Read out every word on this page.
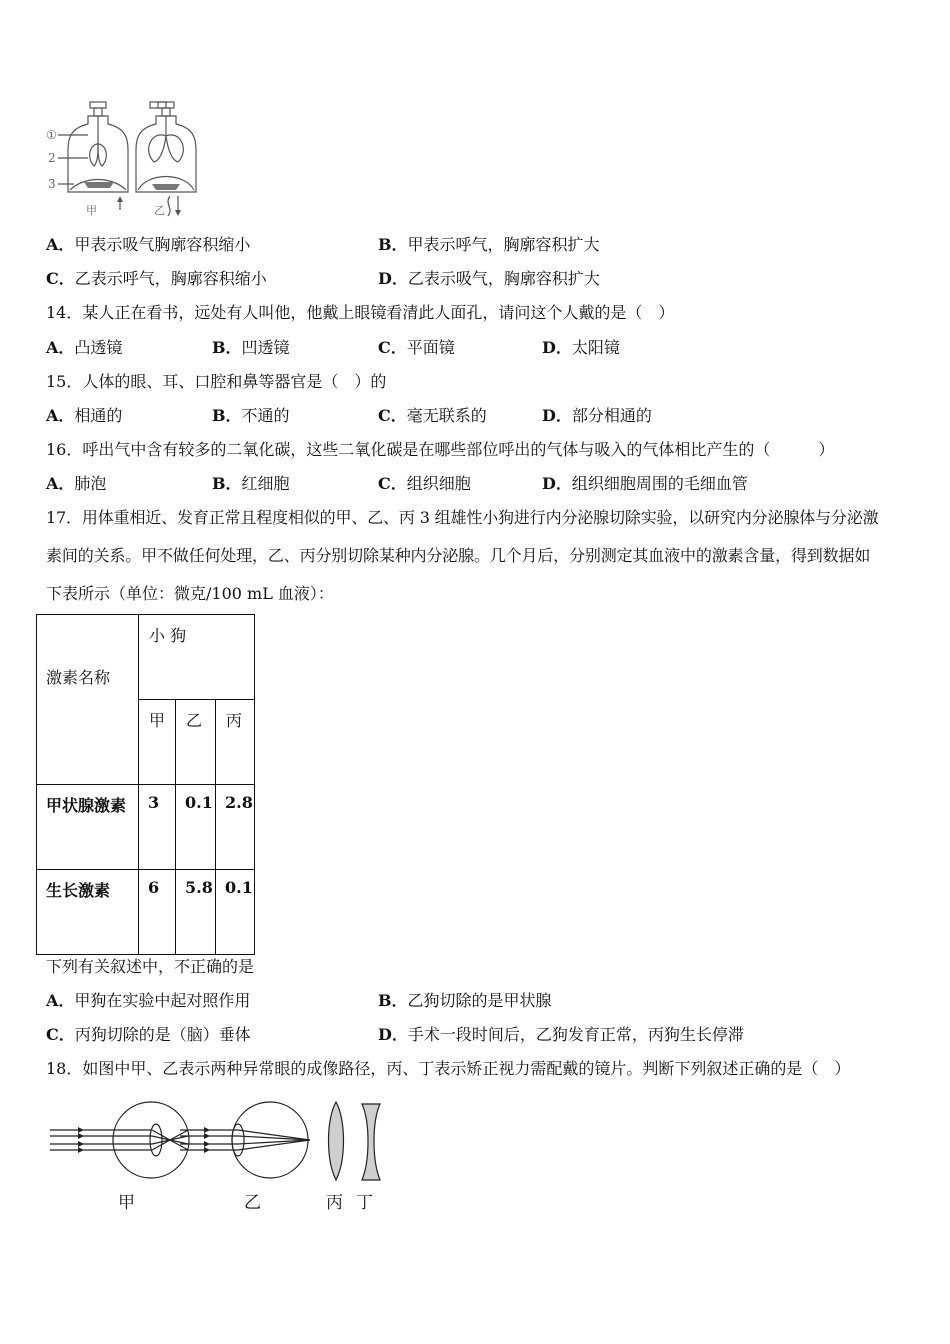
①
2
3
甲	乙
A．甲表示吸气胸廓容积缩小	B．甲表示呼气，胸廓容积扩大
C．乙表示呼气，胸廓容积缩小	D．乙表示吸气，胸廓容积扩大
14．某人正在看书，远处有人叫他，他戴上眼镜看清此人面孔，请问这个人戴的是（　）
A．凸透镜	B．凹透镜	C．平面镜	D．太阳镜
15．人体的眼、耳、口腔和鼻等器官是（　）的
A．相通的	B．不通的	C．毫无联系的	D．部分相通的
16．呼出气中含有较多的二氧化碳，这些二氧化碳是在哪些部位呼出的气体与吸入的气体相比产生的（　　　）
A．肺泡	B．红细胞	C．组织细胞	D．组织细胞周围的毛细血管
17．用体重相近、发育正常且程度相似的甲、乙、丙 3 组雄性小狗进行内分泌腺切除实验，以研究内分泌腺体与分泌激
素间的关系。甲不做任何处理，乙、丙分别切除某种内分泌腺。几个月后，分别测定其血液中的激素含量，得到数据如
下表所示（单位：微克/100 mL 血液）：
激素名称	小 狗		

	甲	乙	丙

甲状腺激素	3	0.1	2.8

生长激素	6	5.8	0.1
下列有关叙述中，不正确的是
A．甲狗在实验中起对照作用	B．乙狗切除的是甲状腺
C．丙狗切除的是（脑）垂体	D．手术一段时间后，乙狗发育正常，丙狗生长停滞
18．如图中甲、乙表示两种异常眼的成像路径，丙、丁表示矫正视力需配戴的镜片。判断下列叙述正确的是（　）
甲	乙	丙 丁
